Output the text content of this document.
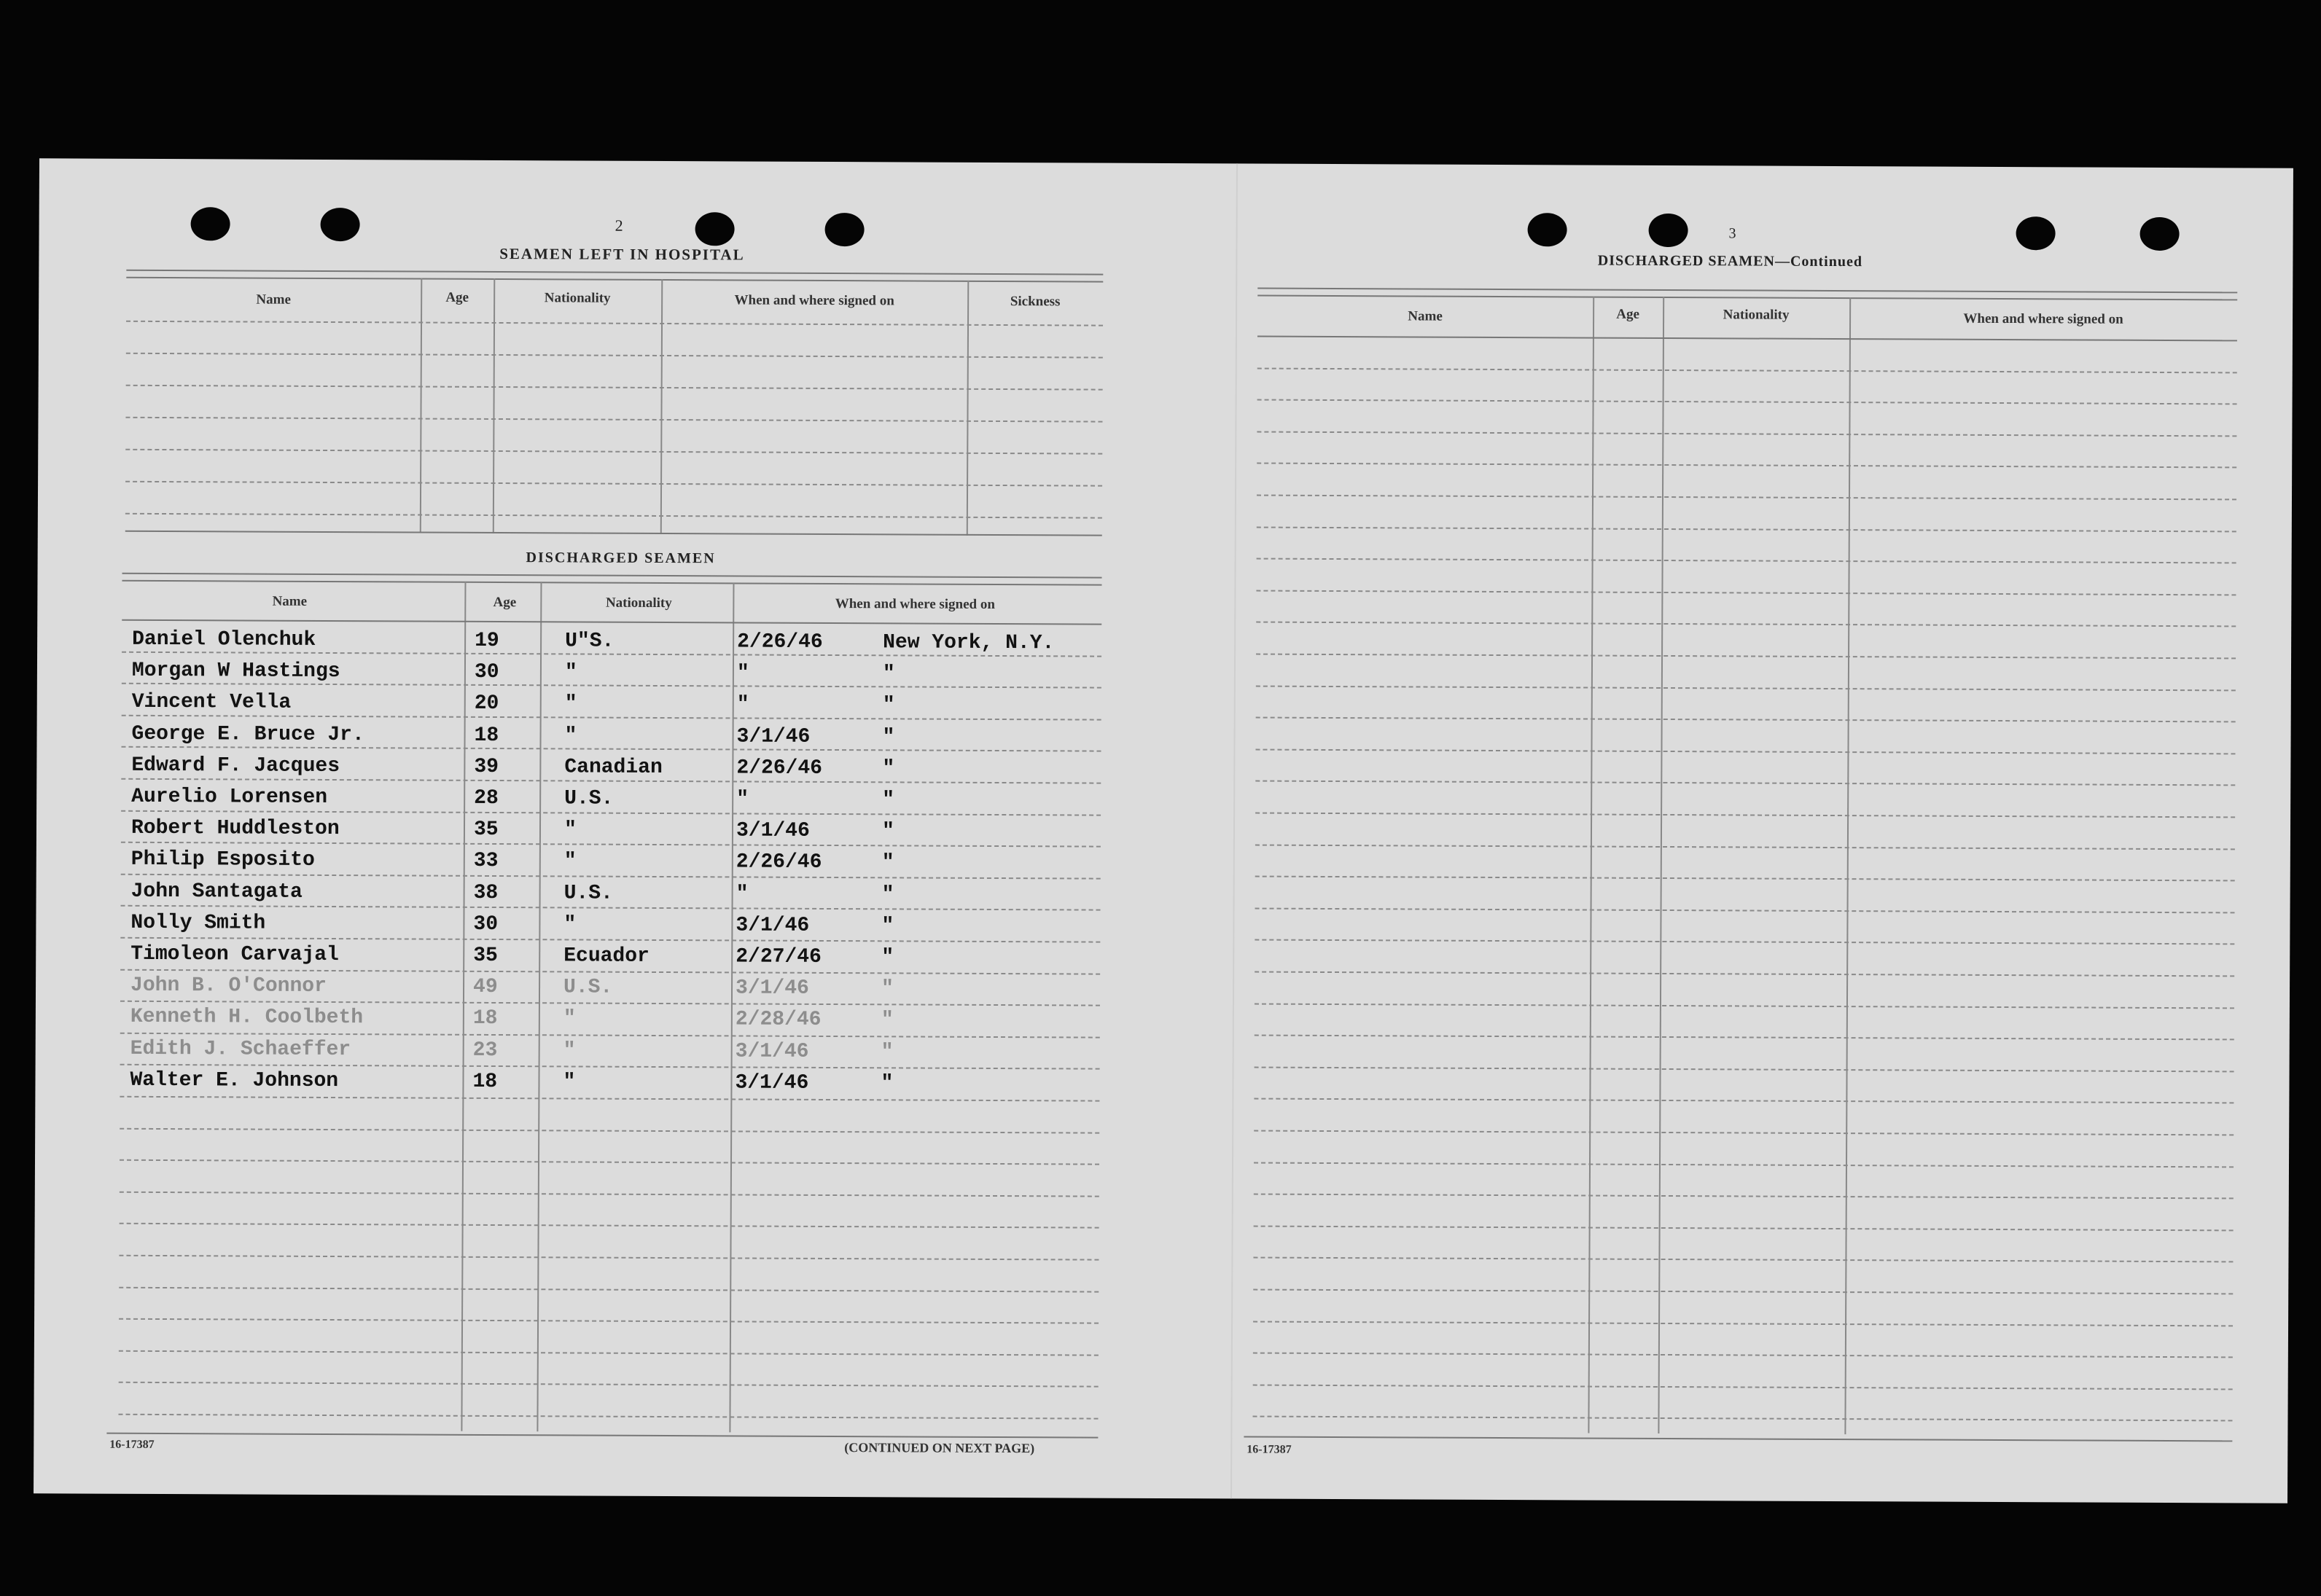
2
SEAMEN LEFT IN HOSPITAL
Name	Age	Nationality	When and where signed on	Sickness
DISCHARGED SEAMEN
Name	Age	Nationality	When and where signed on
Daniel Olenchuk	19	U"S.	2/26/46	New York, N.Y.
Morgan W Hastings	30	"	"	"
Vincent Vella	20	"	"	"
George E. Bruce Jr.	18	"	3/1/46	"
Edward F. Jacques	39	Canadian	2/26/46	"
Aurelio Lorensen	28	U.S.	"	"
Robert Huddleston	35	"	3/1/46	"
Philip Esposito	33	"	2/26/46	"
John Santagata	38	U.S.	"	"
Nolly Smith	30	"	3/1/46	"
Timoleon Carvajal	35	Ecuador	2/27/46	"
John B. O'Connor	49	U.S.	3/1/46	"
Kenneth H. Coolbeth	18	"	2/28/46	"
Edith J. Schaeffer	23	"	3/1/46	"
Walter E. Johnson	18	"	3/1/46	"
16-17387	(CONTINUED ON NEXT PAGE)
3
DISCHARGED SEAMEN—Continued
Name	Age	Nationality	When and where signed on
16-17387
